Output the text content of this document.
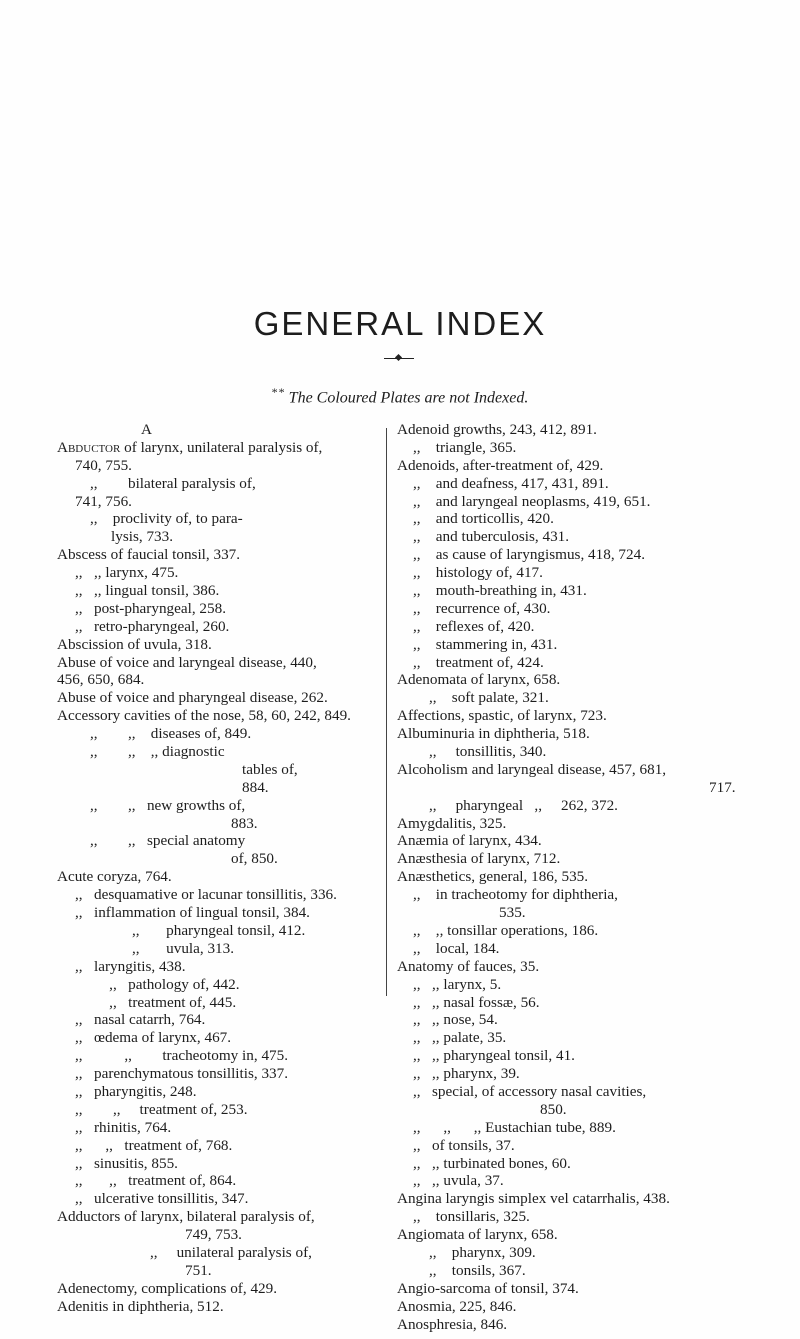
GENERAL INDEX
* * The Coloured Plates are not Indexed.
A
Abductor of larynx, unilateral paralysis of,
740, 755.
,,        bilateral paralysis of,
741, 756.
,,    proclivity of, to para-
lysis, 733.
Abscess of faucial tonsil, 337.
,,   ,, larynx, 475.
,,   ,, lingual tonsil, 386.
,,   post-pharyngeal, 258.
,,   retro-pharyngeal, 260.
Abscission of uvula, 318.
Abuse of voice and laryngeal disease, 440,
456, 650, 684.
Abuse of voice and pharyngeal disease, 262.
Accessory cavities of the nose, 58, 60, 242, 849.
,,        ,,    diseases of, 849.
,,        ,,    ,, diagnostic
tables of,
884.
,,        ,,   new growths of,
883.
,,        ,,   special anatomy
of, 850.
Acute coryza, 764.
,,   desquamative or lacunar tonsillitis, 336.
,,   inflammation of lingual tonsil, 384.
,,       pharyngeal tonsil, 412.
,,       uvula, 313.
,,   laryngitis, 438.
,,   pathology of, 442.
,,   treatment of, 445.
,,   nasal catarrh, 764.
,,   œdema of larynx, 467.
,,           ,,        tracheotomy in, 475.
,,   parenchymatous tonsillitis, 337.
,,   pharyngitis, 248.
,,        ,,     treatment of, 253.
,,   rhinitis, 764.
,,      ,,   treatment of, 768.
,,   sinusitis, 855.
,,       ,,   treatment of, 864.
,,   ulcerative tonsillitis, 347.
Adductors of larynx, bilateral paralysis of,
749, 753.
,,     unilateral paralysis of,
751.
Adenectomy, complications of, 429.
Adenitis in diphtheria, 512.
Adenoid growths, 243, 412, 891.
,,    triangle, 365.
Adenoids, after-treatment of, 429.
,,    and deafness, 417, 431, 891.
,,    and laryngeal neoplasms, 419, 651.
,,    and torticollis, 420.
,,    and tuberculosis, 431.
,,    as cause of laryngismus, 418, 724.
,,    histology of, 417.
,,    mouth-breathing in, 431.
,,    recurrence of, 430.
,,    reflexes of, 420.
,,    stammering in, 431.
,,    treatment of, 424.
Adenomata of larynx, 658.
,,    soft palate, 321.
Affections, spastic, of larynx, 723.
Albuminuria in diphtheria, 518.
,,     tonsillitis, 340.
Alcoholism and laryngeal disease, 457, 681,
717.
,,     pharyngeal   ,,     262, 372.
Amygdalitis, 325.
Anæmia of larynx, 434.
Anæsthesia of larynx, 712.
Anæsthetics, general, 186, 535.
,,    in tracheotomy for diphtheria,
535.
,,    ,, tonsillar operations, 186.
,,    local, 184.
Anatomy of fauces, 35.
,,   ,, larynx, 5.
,,   ,, nasal fossæ, 56.
,,   ,, nose, 54.
,,   ,, palate, 35.
,,   ,, pharyngeal tonsil, 41.
,,   ,, pharynx, 39.
,,   special, of accessory nasal cavities,
850.
,,      ,,      ,, Eustachian tube, 889.
,,   of tonsils, 37.
,,   ,, turbinated bones, 60.
,,   ,, uvula, 37.
Angina laryngis simplex vel catarrhalis, 438.
,,    tonsillaris, 325.
Angiomata of larynx, 658.
,,    pharynx, 309.
,,    tonsils, 367.
Angio-sarcoma of tonsil, 374.
Anosmia, 225, 846.
Anosphresia, 846.
